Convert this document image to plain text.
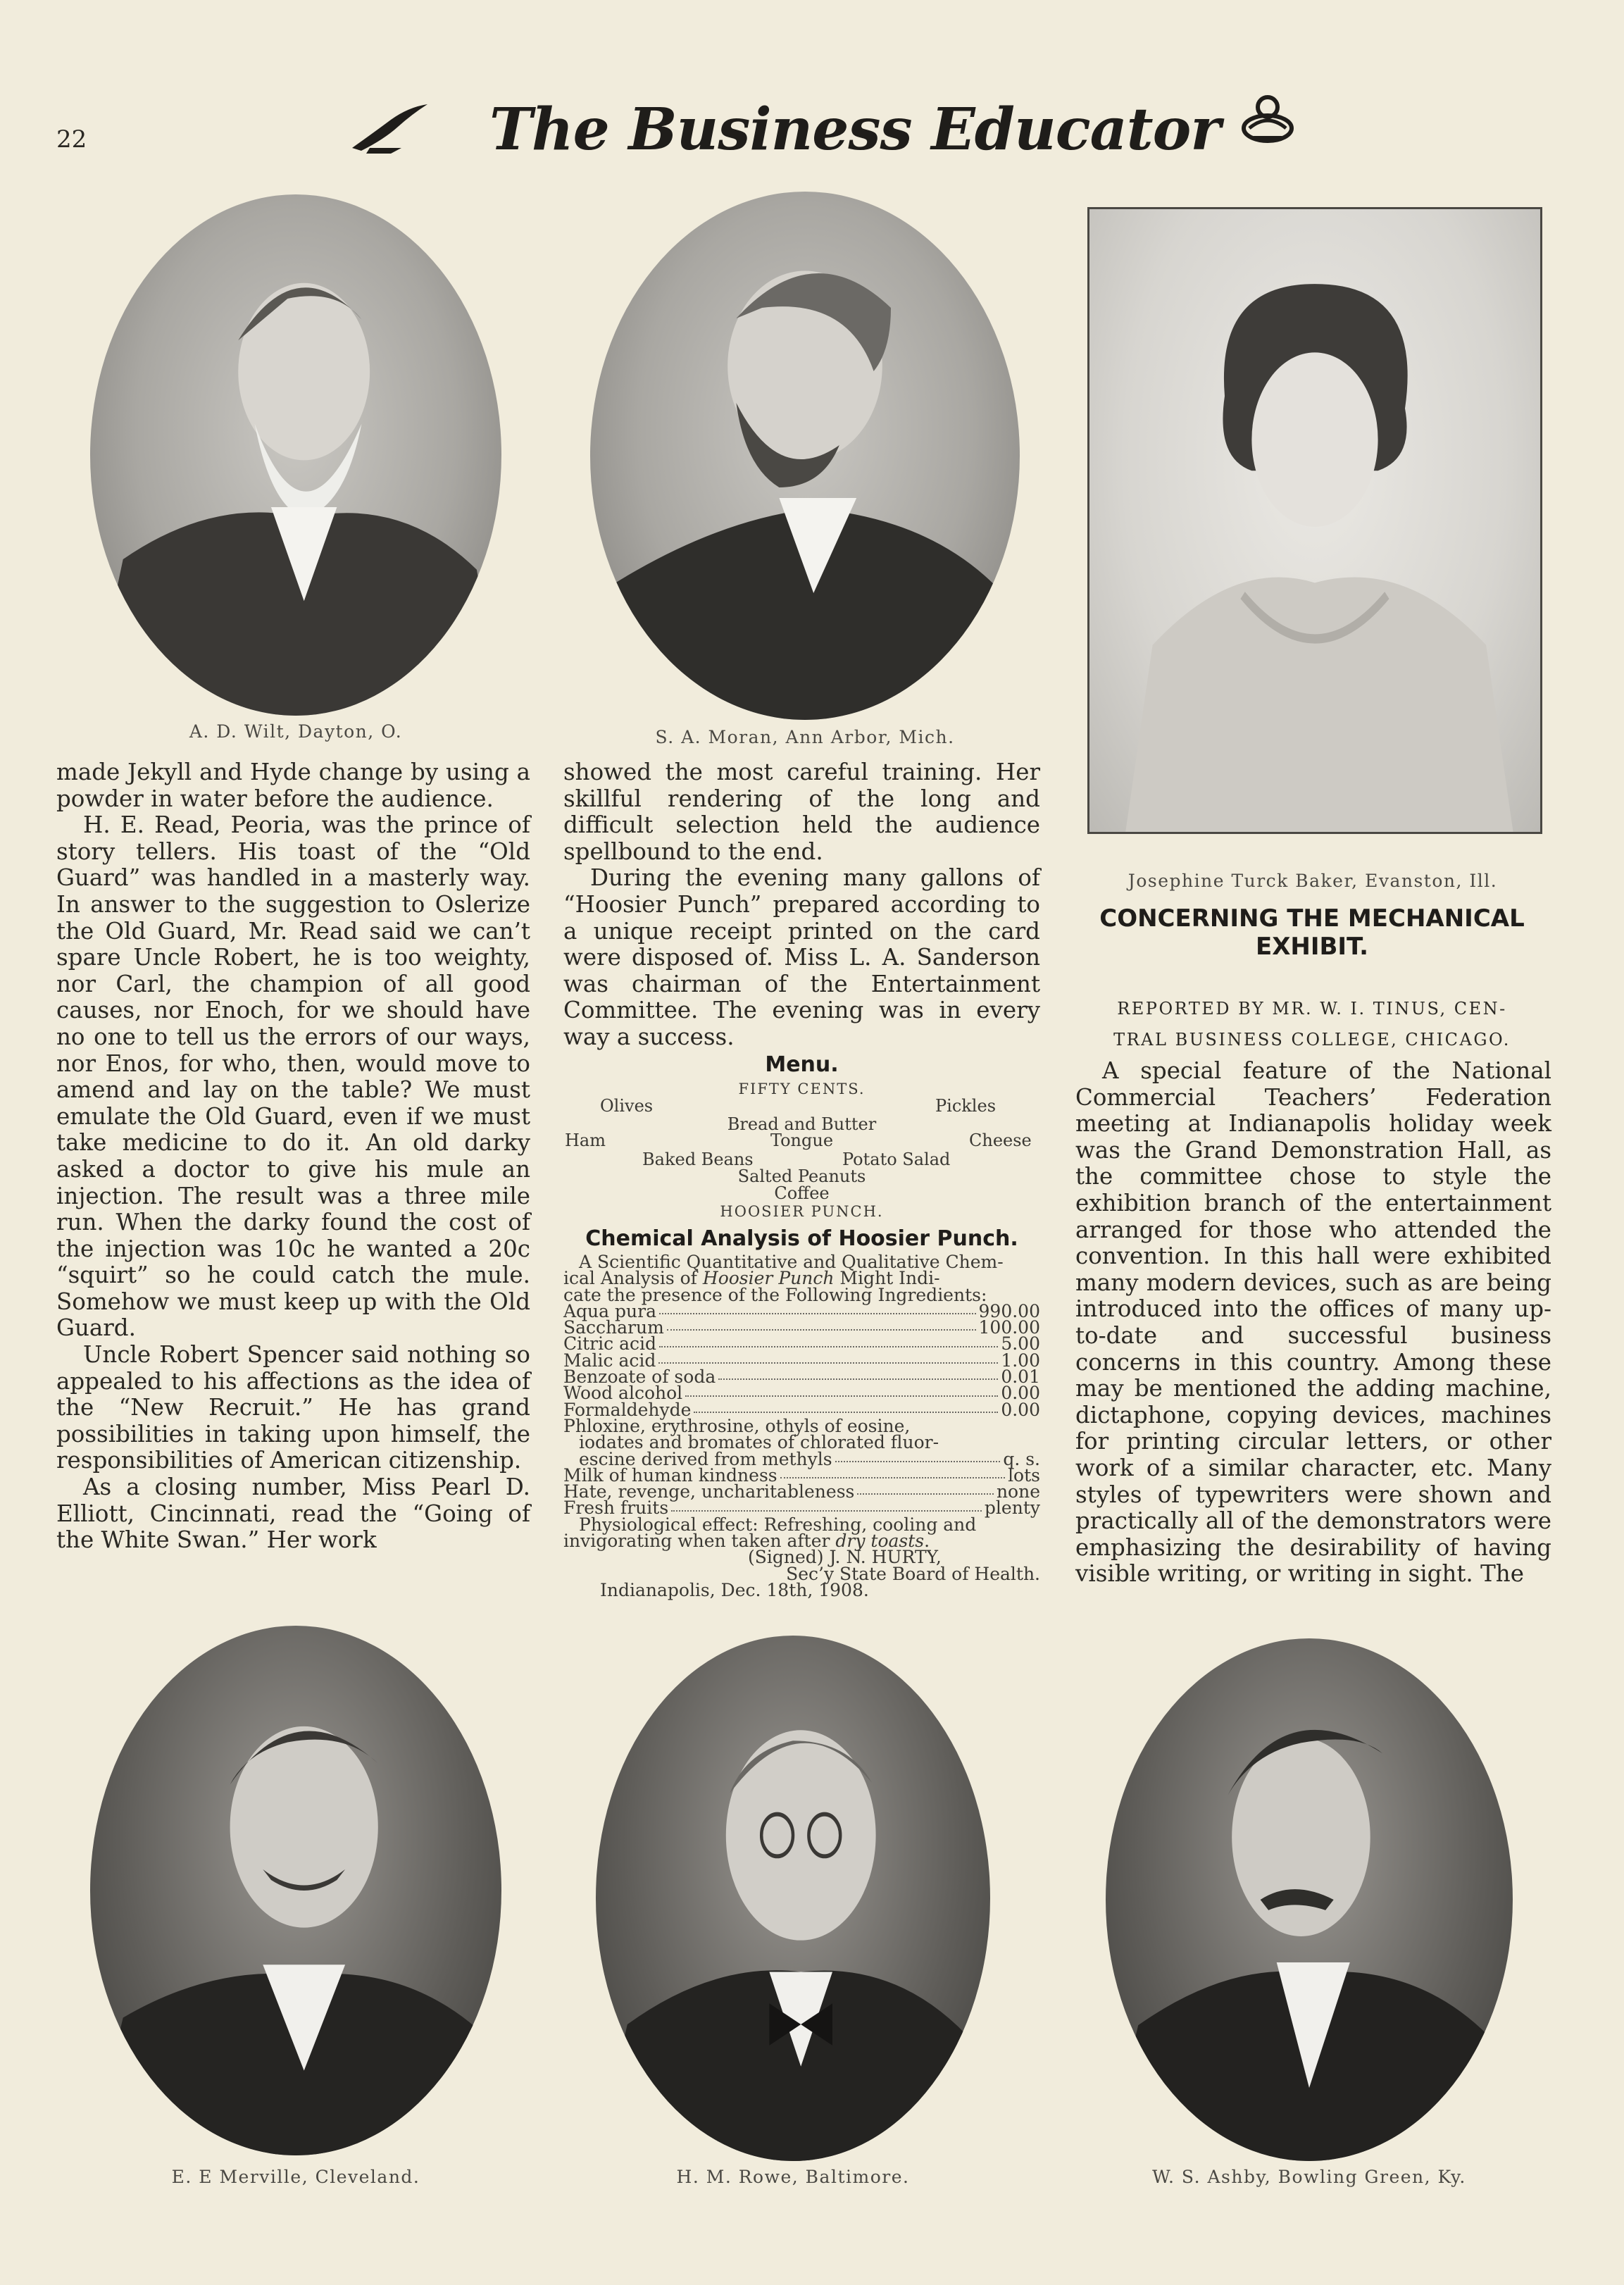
22	The Business Educator
A. D. Wilt, Dayton, O.	S. A. Moran, Ann Arbor, Mich.
Josephine Turck Baker, Evanston, Ill.

made Jekyll and Hyde change by using a powder in water before the audience.

H. E. Read, Peoria, was the prince of story tellers. His toast of the “Old Guard” was handled in a masterly way. In answer to the suggestion to Oslerize the Old Guard, Mr. Read said we can’t spare Uncle Robert, he is too weighty, nor Carl, the champion of all good causes, nor Enoch, for we should have no one to tell us the errors of our ways, nor Enos, for who, then, would move to amend and lay on the table? We must emulate the Old Guard, even if we must take medicine to do it. An old darky asked a doctor to give his mule an injection. The result was a three mile run. When the darky found the cost of the injection was 10c he wanted a 20c “squirt” so he could catch the mule. Somehow we must keep up with the Old Guard.

Uncle Robert Spencer said nothing so appealed to his affections as the idea of the “New Recruit.” He has grand possibilities in taking upon himself, the responsibilities of American citizenship.

As a closing number, Miss Pearl D. Elliott, Cincinnati, read the “Going of the White Swan.” Her work

showed the most careful training. Her skillful rendering of the long and difficult selection held the audience spellbound to the end.

During the evening many gallons of “Hoosier Punch” prepared according to a unique receipt printed on the card were disposed of. Miss L. A. Sanderson was chairman of the Entertainment Committee. The evening was in every way a success.

Menu.
FIFTY CENTS.
Olives	Pickles
Bread and Butter
Ham	Tongue	Cheese
Baked Beans	Potato Salad
Salted Peanuts
Coffee
HOOSIER PUNCH.
Chemical Analysis of Hoosier Punch.
A Scientific Quantitative and Qualitative Chem-
ical Analysis of Hoosier Punch Might Indi-
cate the presence of the Following Ingredients:
Aqua pura	990.00
Saccharum	100.00
Citric acid	5.00
Malic acid	1.00
Benzoate of soda	0.01
Wood alcohol	0.00
Formaldehyde	0.00
Phloxine, erythrosine, othyls of eosine,
iodates and bromates of chlorated fluor-
escine derived from methyls	q. s.
Milk of human kindness	lots
Hate, revenge, uncharitableness	none
Fresh fruits	plenty
Physiological effect: Refreshing, cooling and
invigorating when taken after dry toasts.
(Signed) J. N. HURTY,
Sec’y State Board of Health.
Indianapolis, Dec. 18th, 1908.
CONCERNING THE MECHANICAL
EXHIBIT.
REPORTED BY MR. W. I. TINUS, CEN-
TRAL BUSINESS COLLEGE, CHICAGO.

A special feature of the National Commercial Teachers’ Federation meeting at Indianapolis holiday week was the Grand Demonstration Hall, as the committee chose to style the exhibition branch of the entertainment arranged for those who attended the convention. In this hall were exhibited many modern devices, such as are being introduced into the offices of many up-to-date and successful business concerns in this country. Among these may be mentioned the adding machine, dictaphone, copying devices, machines for printing circular letters, or other work of a similar character, etc. Many styles of typewriters were shown and practically all of the demonstrators were emphasizing the desirability of having visible writing, or writing in sight. The

E. E Merville, Cleveland.	H. M. Rowe, Baltimore.	W. S. Ashby, Bowling Green, Ky.
